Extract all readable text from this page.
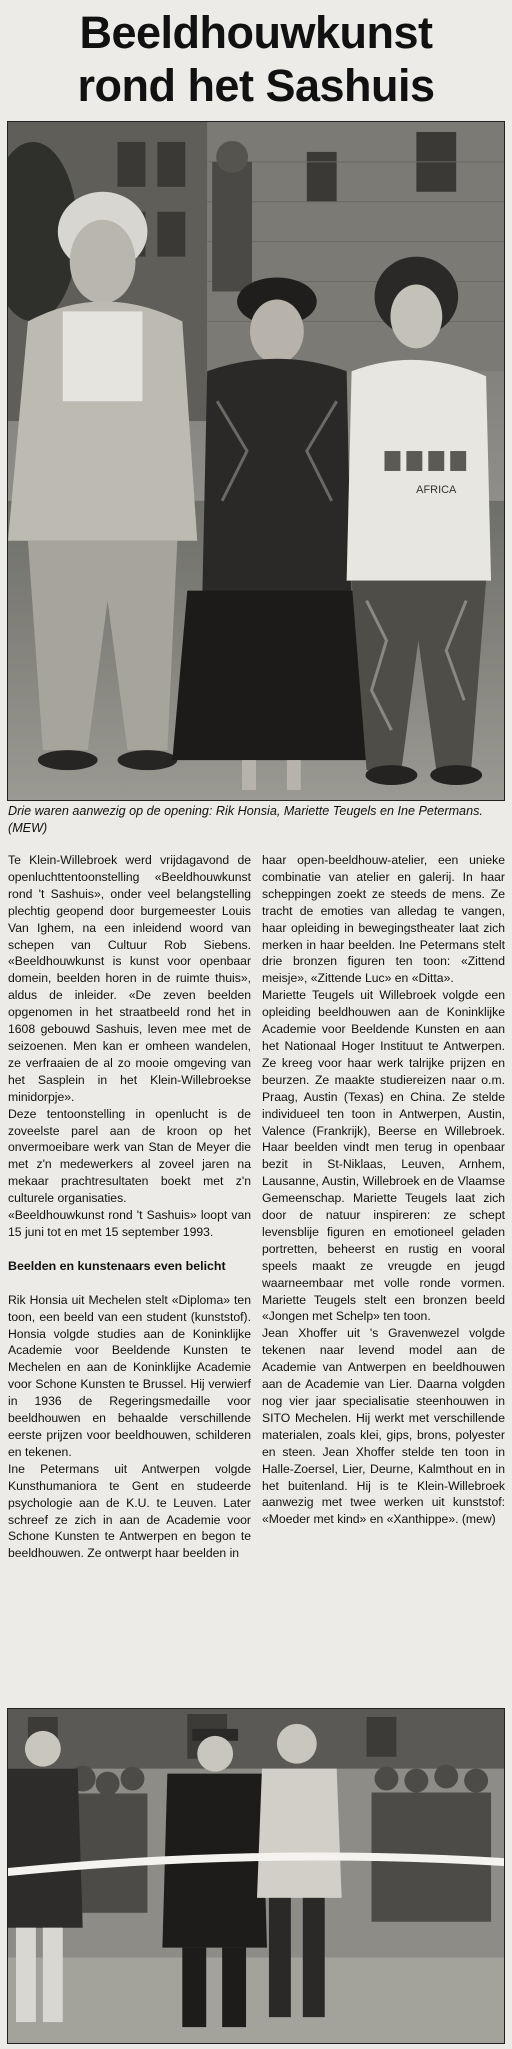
Beeldhouwkunst
rond het Sashuis
AFRICA
Drie waren aanwezig op de opening: Rik Honsia, Mariette Teugels en Ine Petermans. (MEW)

Te Klein-Willebroek werd vrijdagavond de openluchttentoonstelling «Beeldhouwkunst rond 't Sashuis», onder veel belangstelling plechtig geopend door burgemeester Louis Van Ighem, na een inleidend woord van schepen van Cultuur Rob Siebens. «Beeldhouwkunst is kunst voor openbaar domein, beelden horen in de ruimte thuis», aldus de inleider. «De zeven beelden opgenomen in het straatbeeld rond het in 1608 gebouwd Sashuis, leven mee met de seizoenen. Men kan er omheen wandelen, ze verfraaien de al zo mooie omgeving van het Sasplein in het Klein-Willebroekse minidorpje».

Deze tentoonstelling in openlucht is de zoveelste parel aan de kroon op het onvermoeibare werk van Stan de Meyer die met z'n medewerkers al zoveel jaren na mekaar prachtresultaten boekt met z'n culturele organisaties.

«Beeldhouwkunst rond 't Sashuis» loopt van 15 juni tot en met 15 september 1993.

Beelden en kunstenaars even belicht

Rik Honsia uit Mechelen stelt «Diploma» ten toon, een beeld van een student (kunststof). Honsia volgde studies aan de Koninklijke Academie voor Beeldende Kunsten te Mechelen en aan de Koninklijke Academie voor Schone Kunsten te Brussel. Hij verwierf in 1936 de Regeringsmedaille voor beeldhouwen en behaalde verschillende eerste prijzen voor beeldhouwen, schilderen en tekenen.

Ine Petermans uit Antwerpen volgde Kunsthumaniora te Gent en studeerde psychologie aan de K.U. te Leuven. Later schreef ze zich in aan de Academie voor Schone Kunsten te Antwerpen en begon te beeldhouwen. Ze ontwerpt haar beelden in

haar open-beeldhouw-atelier, een unieke combinatie van atelier en galerij. In haar scheppingen zoekt ze steeds de mens. Ze tracht de emoties van alledag te vangen, haar opleiding in bewegingstheater laat zich merken in haar beelden. Ine Petermans stelt drie bronzen figuren ten toon: «Zittend meisje», «Zittende Luc» en «Ditta».

Mariette Teugels uit Willebroek volgde een opleiding beeldhouwen aan de Koninklijke Academie voor Beeldende Kunsten en aan het Nationaal Hoger Instituut te Antwerpen. Ze kreeg voor haar werk talrijke prijzen en beurzen. Ze maakte studiereizen naar o.m. Praag, Austin (Texas) en China. Ze stelde individueel ten toon in Antwerpen, Austin, Valence (Frankrijk), Beerse en Willebroek. Haar beelden vindt men terug in openbaar bezit in St-Niklaas, Leuven, Arnhem, Lausanne, Austin, Willebroek en de Vlaamse Gemeenschap. Mariette Teugels laat zich door de natuur inspireren: ze schept levensblije figuren en emotioneel geladen portretten, beheerst en rustig en vooral speels maakt ze vreugde en jeugd waarneembaar met volle ronde vormen. Mariette Teugels stelt een bronzen beeld «Jongen met Schelp» ten toon.

Jean Xhoffer uit 's Gravenwezel volgde tekenen naar levend model aan de Academie van Antwerpen en beeldhouwen aan de Academie van Lier. Daarna volgden nog vier jaar specialisatie steenhouwen in SITO Mechelen. Hij werkt met verschillende materialen, zoals klei, gips, brons, polyester en steen. Jean Xhoffer stelde ten toon in Halle-Zoersel, Lier, Deurne, Kalmthout en in het buitenland. Hij is te Klein-Willebroek aanwezig met twee werken uit kunststof: «Moeder met kind» en «Xanthippe». (mew)
